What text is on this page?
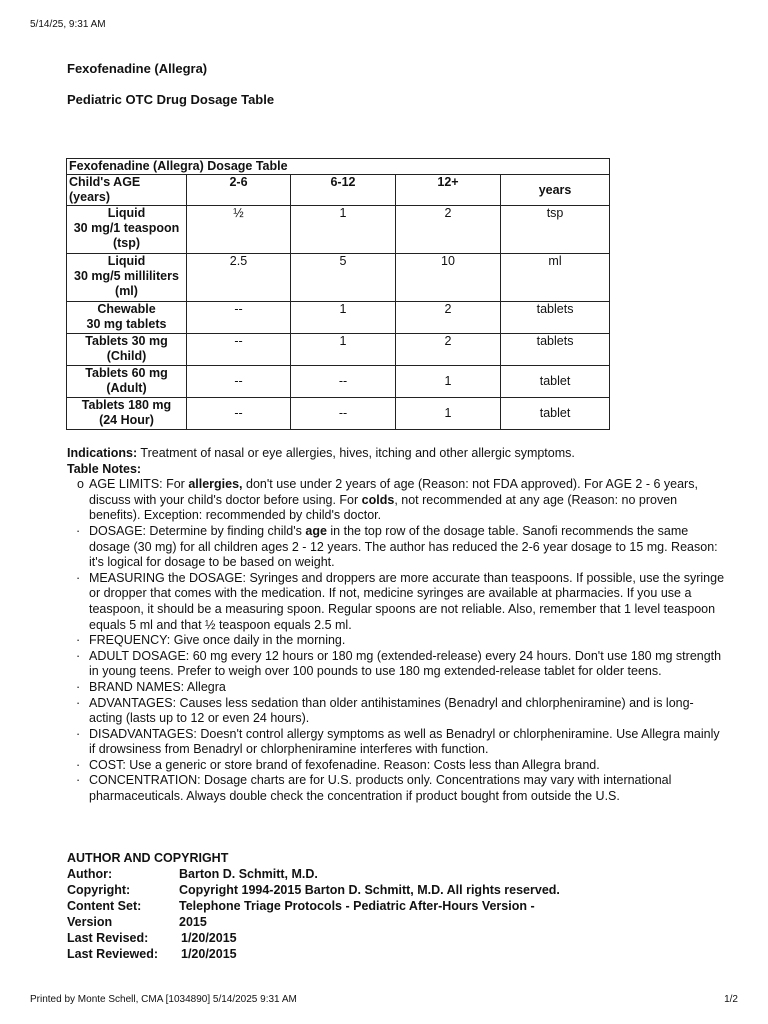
5/14/25, 9:31 AM
Fexofenadine (Allegra)
Pediatric OTC Drug Dosage Table
Fexofenadine (Allegra) Dosage Table				
Child's AGE
(years)	2-6	6-12	12+	years
Liquid
30 mg/1 teaspoon
(tsp)	½	1	2	tsp
Liquid
30 mg/5 milliliters
(ml)	2.5	5	10	ml
Chewable
30 mg tablets	--	1	2	tablets
Tablets 30 mg
(Child)	--	1	2	tablets
Tablets 60 mg
(Adult)	--	--	1	tablet
Tablets 180 mg
(24 Hour)	--	--	1	tablet

Indications: Treatment of nasal or eye allergies, hives, itching and other allergic symptoms.

Table Notes:

o AGE LIMITS: For allergies, don't use under 2 years of age (Reason: not FDA approved). For AGE 2 - 6 years, discuss with your child's doctor before using. For colds, not recommended at any age (Reason: no proven benefits). Exception: recommended by child's doctor.
· DOSAGE: Determine by finding child's age in the top row of the dosage table. Sanofi recommends the same dosage (30 mg) for all children ages 2 - 12 years. The author has reduced the 2-6 year dosage to 15 mg. Reason: it's logical for dosage to be based on weight.
· MEASURING the DOSAGE: Syringes and droppers are more accurate than teaspoons. If possible, use the syringe or dropper that comes with the medication. If not, medicine syringes are available at pharmacies. If you use a teaspoon, it should be a measuring spoon. Regular spoons are not reliable. Also, remember that 1 level teaspoon equals 5 ml and that ½ teaspoon equals 2.5 ml.
· FREQUENCY: Give once daily in the morning.
· ADULT DOSAGE: 60 mg every 12 hours or 180 mg (extended-release) every 24 hours. Don't use 180 mg strength in young teens. Prefer to weigh over 100 pounds to use 180 mg extended-release tablet for older teens.
· BRAND NAMES: Allegra
· ADVANTAGES: Causes less sedation than older antihistamines (Benadryl and chlorpheniramine) and is long-acting (lasts up to 12 or even 24 hours).
· DISADVANTAGES: Doesn't control allergy symptoms as well as Benadryl or chlorpheniramine. Use Allegra mainly if drowsiness from Benadryl or chlorpheniramine interferes with function.
· COST: Use a generic or store brand of fexofenadine. Reason: Costs less than Allegra brand.
· CONCENTRATION: Dosage charts are for U.S. products only. Concentrations may vary with international pharmaceuticals. Always double check the concentration if product bought from outside the U.S.
AUTHOR AND COPYRIGHT
Author:	Barton D. Schmitt, M.D.
Copyright:	Copyright 1994-2015 Barton D. Schmitt, M.D. All rights reserved.
Content Set:	Telephone Triage Protocols - Pediatric After-Hours Version -
Version	2015
Last Revised:	1/20/2015
Last Reviewed:	1/20/2015
Printed by Monte Schell, CMA [1034890] 5/14/2025 9:31 AM	1/2
